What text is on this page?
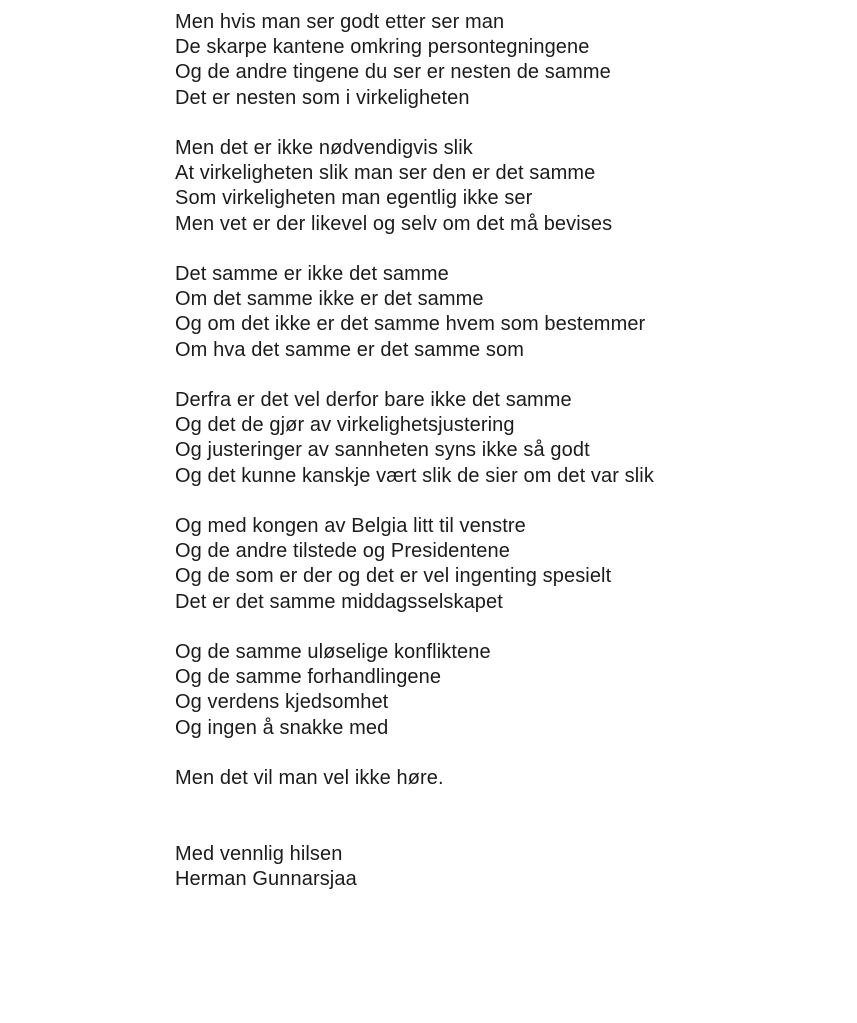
Men hvis man ser godt etter ser man
De skarpe kantene omkring persontegningene
Og de andre tingene du ser er nesten de samme
Det er nesten som i virkeligheten
Men det er ikke nødvendigvis slik
At virkeligheten slik man ser den er det samme
Som virkeligheten man egentlig ikke ser
Men vet er der likevel og selv om det må bevises
Det samme er ikke det samme
Om det samme ikke er det samme
Og om det ikke er det samme hvem som bestemmer
Om hva det samme er det samme som
Derfra er det vel derfor bare ikke det samme
Og det de gjør av virkelighetsjustering
Og justeringer av sannheten syns ikke så godt
Og det kunne kanskje vært slik de sier om det var slik
Og med kongen av Belgia litt til venstre
Og de andre tilstede og Presidentene
Og de som er der og det er vel ingenting spesielt
Det er det samme middagsselskapet
Og de samme uløselige konfliktene
Og de samme forhandlingene
Og verdens kjedsomhet
Og ingen å snakke med
Men det vil man vel ikke høre.
Med vennlig hilsen
Herman Gunnarsjaa
